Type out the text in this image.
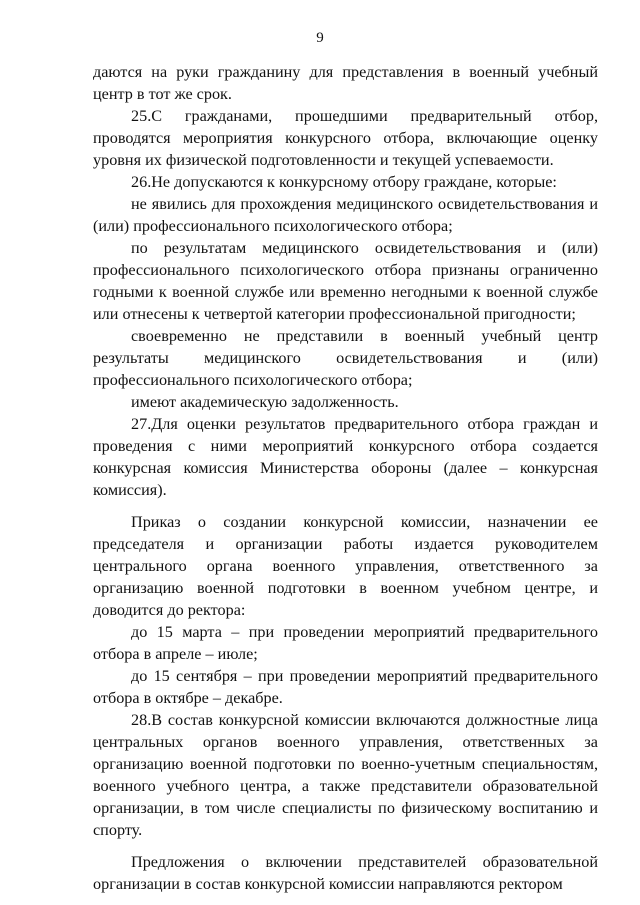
9

даются на руки гражданину для представления в военный учебный центр в тот же срок.

25.С гражданами, прошедшими предварительный отбор, проводятся мероприятия конкурсного отбора, включающие оценку уровня их физической подготовленности и текущей успеваемости.

26.Не допускаются к конкурсному отбору граждане, которые:

не явились для прохождения медицинского освидетельствования и (или) профессионального психологического отбора;

по результатам медицинского освидетельствования и (или) профессионального психологического отбора признаны ограниченно годными к военной службе или временно негодными к военной службе или отнесены к четвертой категории профессиональной пригодности;

своевременно не представили в военный учебный центр результаты медицинского освидетельствования и (или) профессионального психологического отбора;

имеют академическую задолженность.

27.Для оценки результатов предварительного отбора граждан и проведения с ними мероприятий конкурсного отбора создается конкурсная комиссия Министерства обороны (далее – конкурсная комиссия).

Приказ о создании конкурсной комиссии, назначении ее председателя и организации работы издается руководителем центрального органа военного управления, ответственного за организацию военной подготовки в военном учебном центре, и доводится до ректора:

до 15 марта – при проведении мероприятий предварительного отбора в апреле – июле;

до 15 сентября – при проведении мероприятий предварительного отбора в октябре – декабре.

28.В состав конкурсной комиссии включаются должностные лица центральных органов военного управления, ответственных за организацию военной подготовки по военно-учетным специальностям, военного учебного центра, а также представители образовательной организации, в том числе специалисты по физическому воспитанию и спорту.

Предложения о включении представителей образовательной организации в состав конкурсной комиссии направляются ректором
